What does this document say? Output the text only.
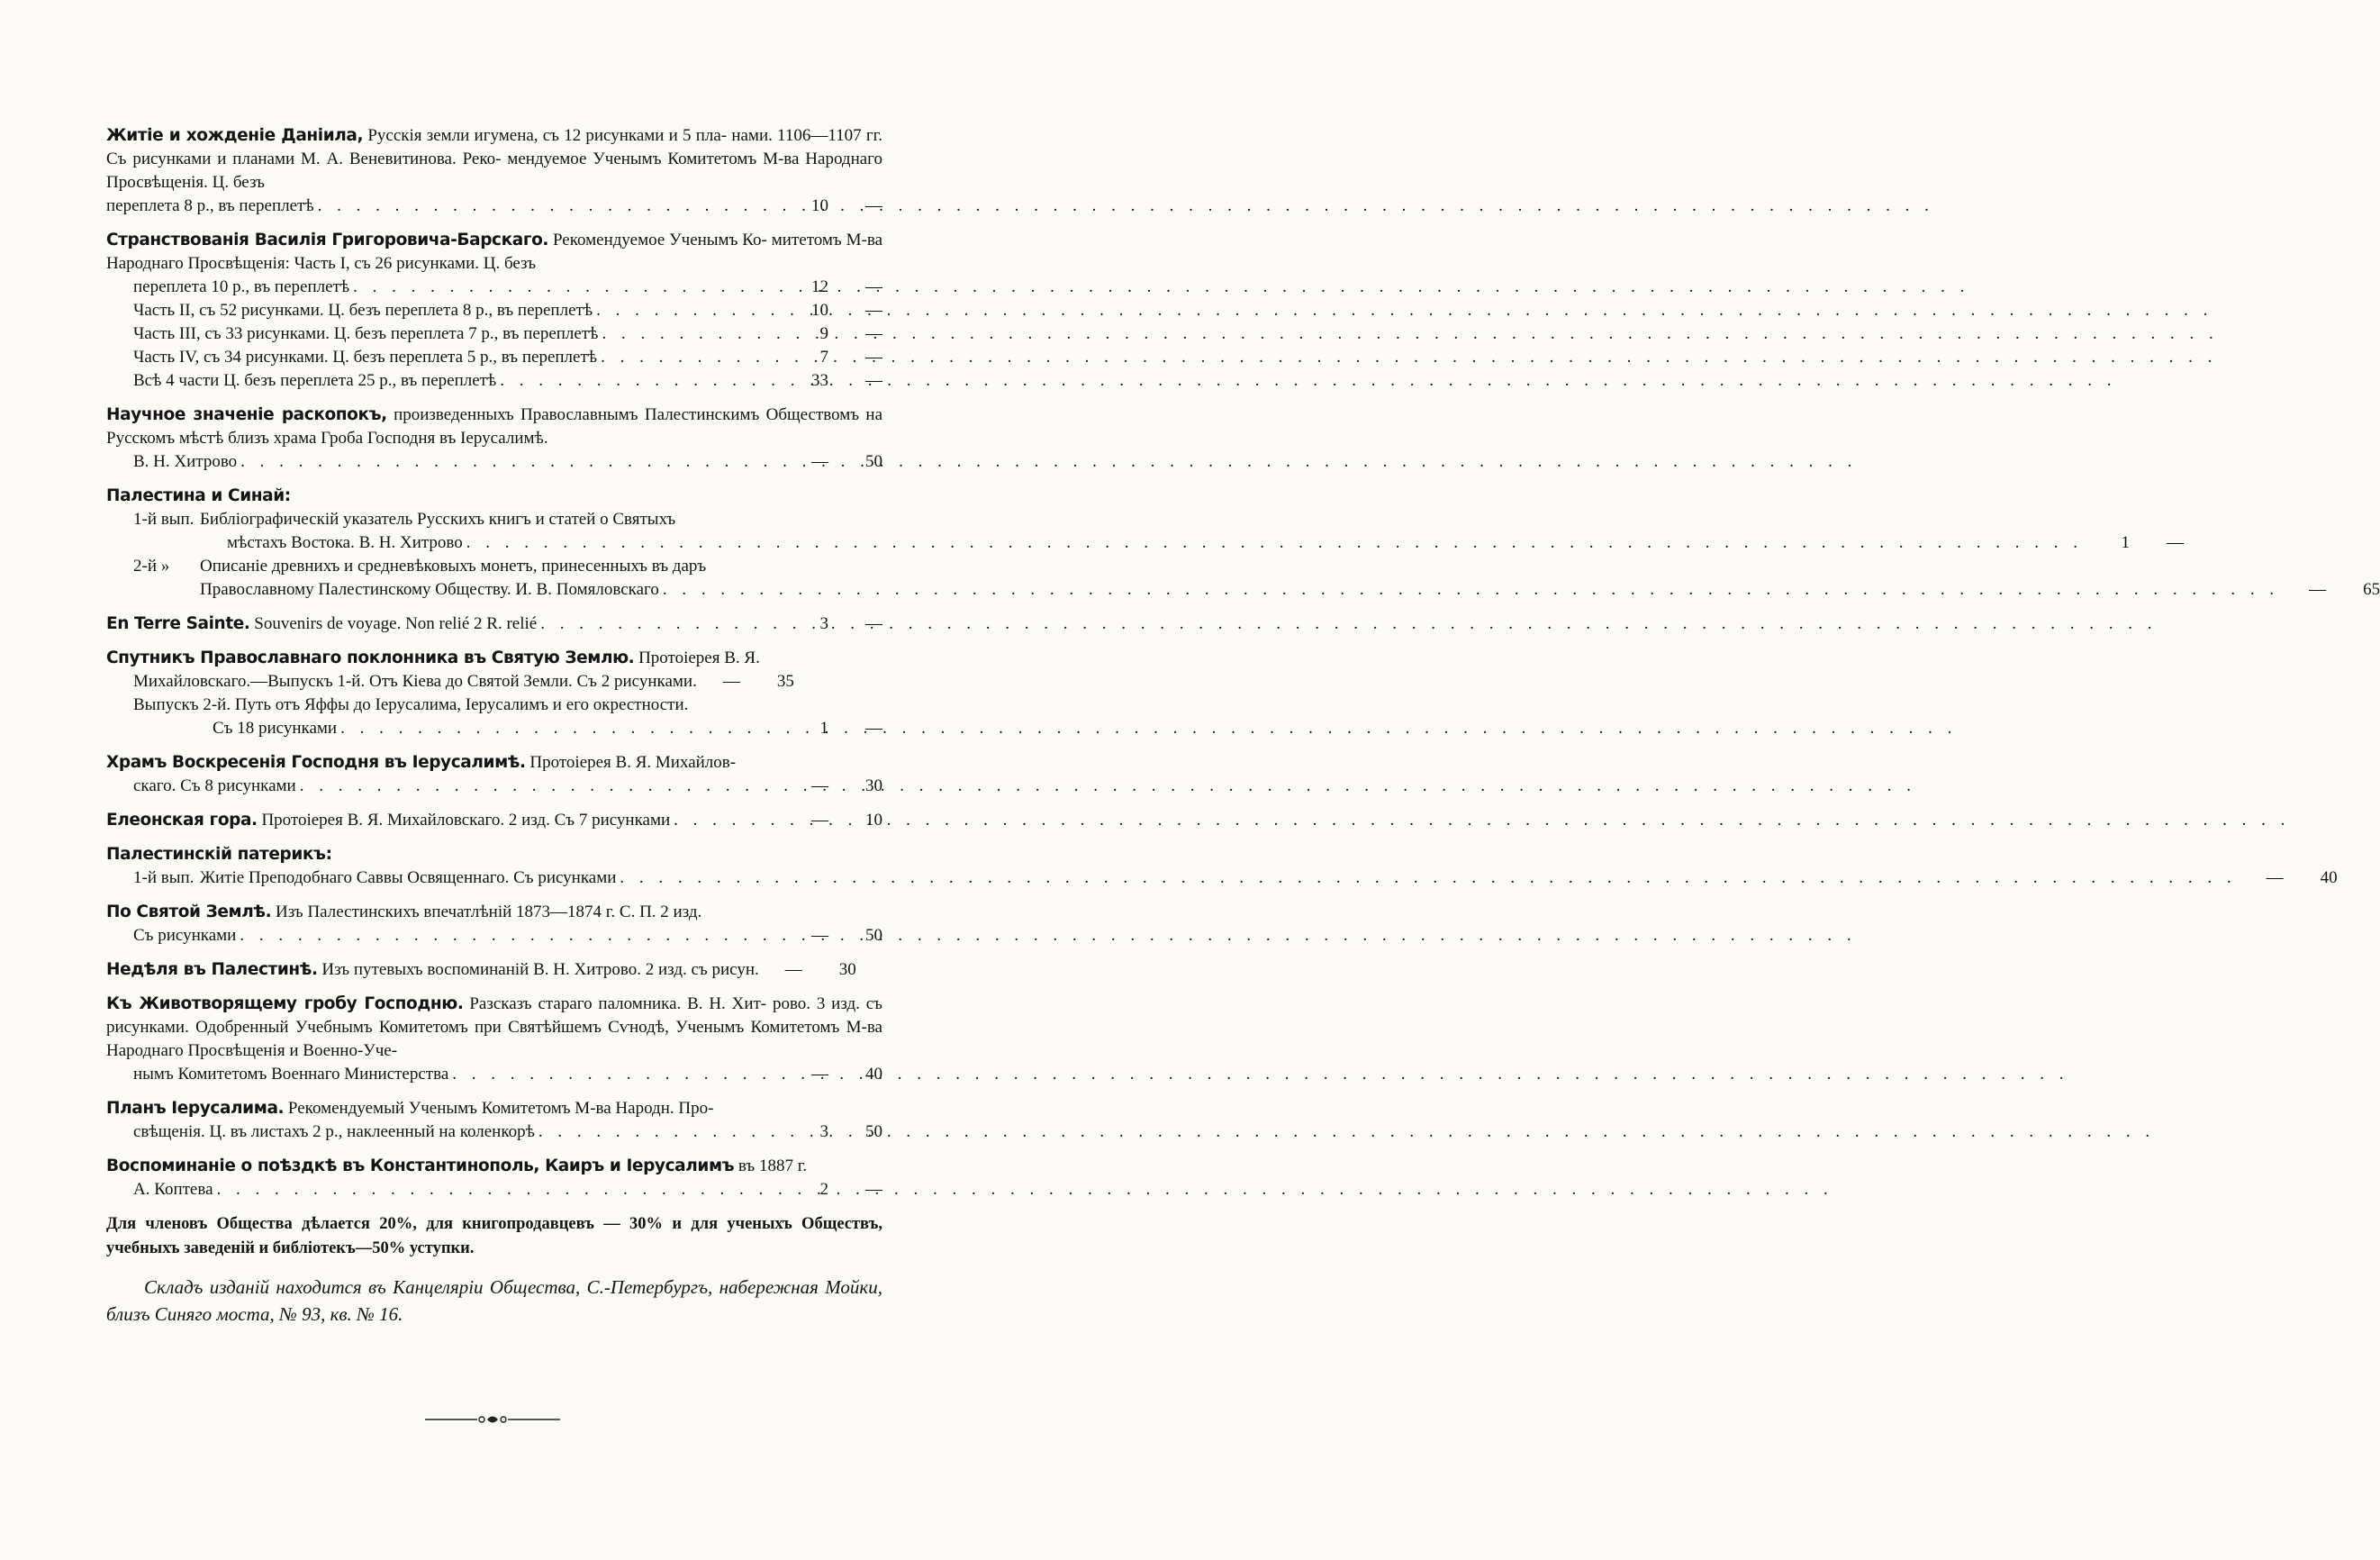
Житіе и хожденіе Даніила, Русскія земли игумена, съ 12 рисунками и 5 пла- нами. 1106—1107 гг. Съ рисунками и планами М. А. Веневитинова. Реко- мендуемое Ученымъ Комитетомъ М-ва Народнаго Просвѣщенія. Ц. безъ
переплета 8 р., въ переплетѣ . . .	10	—
Странствованія Василія Григоровича-Барскаго. Рекомендуемое Ученымъ Ко- митетомъ М-ва Народнаго Просвѣщенія: Часть I, съ 26 рисунками. Ц. безъ
переплета 10 р., въ переплетѣ . . .	12	—
Часть II, съ 52 рисунками. Ц. безъ переплета 8 р., въ переплетѣ . . .	10	—
Часть III, съ 33 рисунками. Ц. безъ переплета 7 р., въ переплетѣ . . .	9	—
Часть IV, съ 34 рисунками. Ц. безъ переплета 5 р., въ переплетѣ . . .	7	—
Всѣ 4 части Ц. безъ переплета 25 р., въ переплетѣ . . .	33	—
Научное значеніе раскопокъ, произведенныхъ Православнымъ Палестинскимъ Обществомъ на Русскомъ мѣстѣ близъ храма Гроба Господня въ Іерусалимѣ.
В. Н. Хитрово . . .	—	50
Палестина и Синай:
1-й вып. Библіографическій указатель Русскихъ книгъ и статей о Святыхъ
мѣстахъ Востока. В. Н. Хитрово . . .	1	—
2-й »	Описаніе древнихъ и средневѣковыхъ монетъ, принесенныхъ въ даръ
Православному Палестинскому Обществу. И. В. Помяловскаго . . .	—	65
En Terre Sainte. Souvenirs de voyage. Non relié 2 R. relié . . .	3	—
Спутникъ Православнаго поклонника въ Святую Землю. Протоіерея В. Я.
Михайловскаго.—Выпускъ 1-й. Отъ Кіева до Святой Земли. Съ 2 рисунками.	—	35
Выпускъ 2-й. Путь отъ Яффы до Іерусалима, Іерусалимъ и его окрестности.
Съ 18 рисунками . . .	1	—
Храмъ Воскресенія Господня въ Іерусалимѣ. Протоіерея В. Я. Михайлов-
скаго. Съ 8 рисунками . . .	—	30
Елеонская гора. Протоіерея В. Я. Михайловскаго. 2 изд. Съ 7 рисунками . . .	—	10
Палестинскій патерикъ:
1-й вып. Житіе Преподобнаго Саввы Освященнаго. Съ рисунками . . .	—	40
По Святой Землѣ. Изъ Палестинскихъ впечатлѣній 1873—1874 г. С. П. 2 изд.
Съ рисунками . . .	—	50
Недѣля въ Палестинѣ. Изъ путевыхъ воспоминаній В. Н. Хитрово. 2 изд. съ рисун.	—	30
Къ Животворящему гробу Господню. Разсказъ стараго паломника. В. Н. Хит- рово. 3 изд. съ рисунками. Одобренный Учебнымъ Комитетомъ при Святѣйшемъ Сѵнодѣ, Ученымъ Комитетомъ М-ва Народнаго Просвѣщенія и Военно-Уче-
нымъ Комитетомъ Военнаго Министерства . . .	—	40
Планъ Іерусалима. Рекомендуемый Ученымъ Комитетомъ М-ва Народн. Про-
свѣщенія. Ц. въ листахъ 2 р., наклеенный на коленкорѣ . . .	3	50
Воспоминаніе о поѣздкѣ въ Константинополь, Каиръ и Іерусалимъ въ 1887 г.
А. Коптева . . .	2	—
Для членовъ Общества дѣлается 20%, для книгопродавцевъ — 30% и для ученыхъ Обществъ, учебныхъ заведеній и библіотекъ—50% уступки.
Складъ изданій находится въ Канцеляріи Общества, С.-Петербургъ, набережная Мойки, близъ Синяго моста, № 93, кв. № 16.
